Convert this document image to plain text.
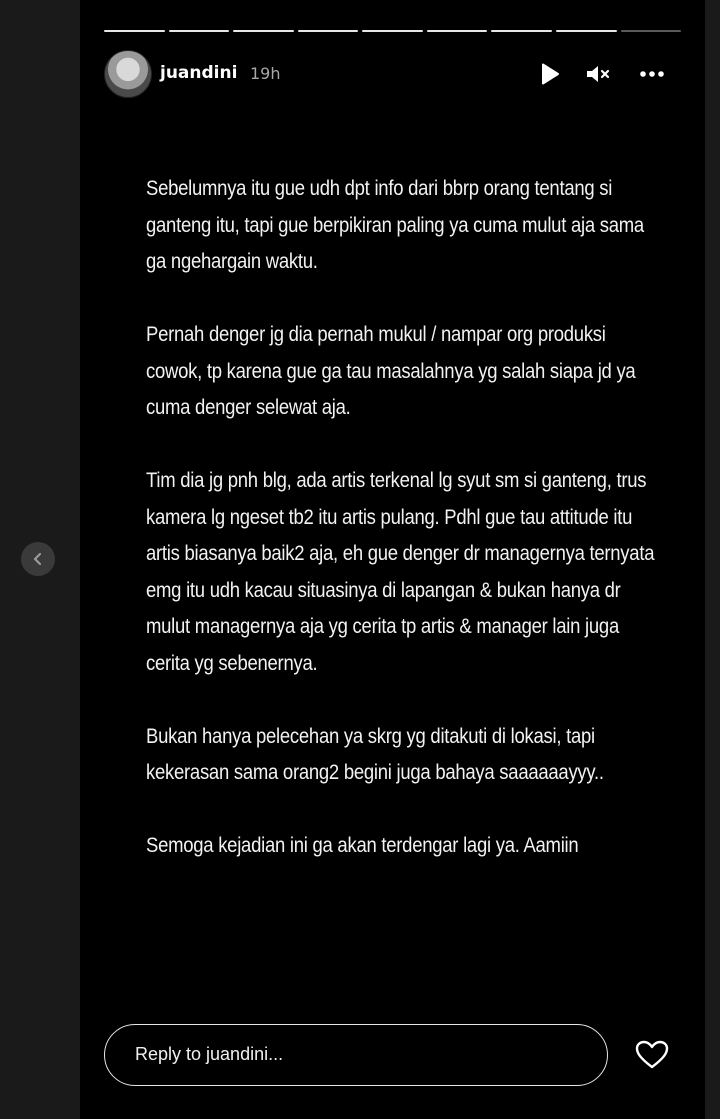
juandini 19h

Sebelumnya itu gue udh dpt info dari bbrp orang tentang si ganteng itu, tapi gue berpikiran paling ya cuma mulut aja sama ga ngehargain waktu.

Pernah denger jg dia pernah mukul / nampar org produksi cowok, tp karena gue ga tau masalahnya yg salah siapa jd ya cuma denger selewat aja.

Tim dia jg pnh blg, ada artis terkenal lg syut sm si ganteng, trus kamera lg ngeset tb2 itu artis pulang. Pdhl gue tau attitude itu artis biasanya baik2 aja, eh gue denger dr managernya ternyata emg itu udh kacau situasinya di lapangan & bukan hanya dr mulut managernya aja yg cerita tp artis & manager lain juga cerita yg sebenernya.

Bukan hanya pelecehan ya skrg yg ditakuti di lokasi, tapi kekerasan sama orang2 begini juga bahaya saaaaaayyy..

Semoga kejadian ini ga akan terdengar lagi ya. Aamiin

Reply to juandini...
